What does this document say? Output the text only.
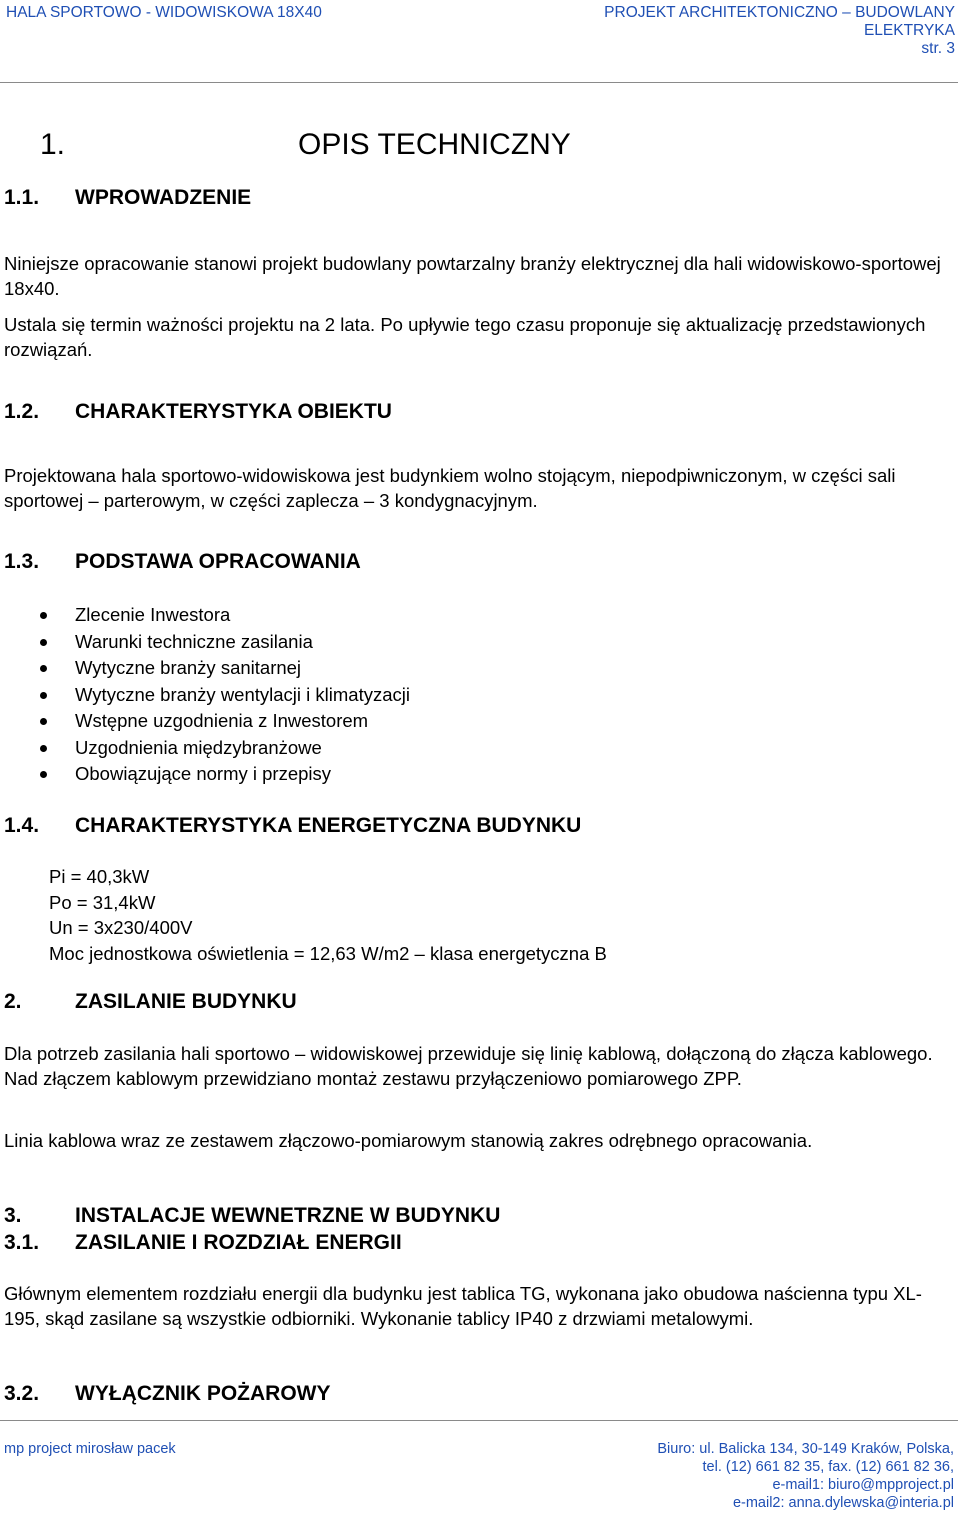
HALA SPORTOWO - WIDOWISKOWA 18X40	PROJEKT ARCHITEKTONICZNO – BUDOWLANY
ELEKTRYKA
str. 3
1.	OPIS TECHNICZNY
1.1. WPROWADZENIE
Niniejsze opracowanie stanowi projekt budowlany powtarzalny branży elektrycznej dla hali widowiskowo-sportowej 18x40.
Ustala się termin ważności projektu na 2 lata. Po upływie tego czasu proponuje się aktualizację przedstawionych rozwiązań.
1.2. CHARAKTERYSTYKA OBIEKTU
Projektowana hala sportowo-widowiskowa jest budynkiem wolno stojącym, niepodpiwniczonym, w części sali sportowej – parterowym, w części zaplecza – 3 kondygnacyjnym.
1.3. PODSTAWA OPRACOWANIA
Zlecenie Inwestora
Warunki techniczne zasilania
Wytyczne branży sanitarnej
Wytyczne branży wentylacji i klimatyzacji
Wstępne uzgodnienia z Inwestorem
Uzgodnienia międzybranżowe
Obowiązujące normy i przepisy
1.4. CHARAKTERYSTYKA ENERGETYCZNA BUDYNKU
Pi = 40,3kW
Po = 31,4kW
Un = 3x230/400V
Moc jednostkowa oświetlenia = 12,63 W/m2 – klasa energetyczna B
2.	ZASILANIE BUDYNKU
Dla potrzeb zasilania hali sportowo – widowiskowej przewiduje się linię kablową, dołączoną do złącza kablowego. Nad złączem kablowym przewidziano montaż zestawu przyłączeniowo pomiarowego ZPP.
Linia kablowa wraz ze zestawem złączowo-pomiarowym stanowią zakres odrębnego opracowania.
3.	INSTALACJE WEWNETRZNE W BUDYNKU
3.1. ZASILANIE I ROZDZIAŁ ENERGII
Głównym elementem rozdziału energii dla budynku jest tablica TG, wykonana jako obudowa naścienna typu XL-195, skąd zasilane są wszystkie odbiorniki. Wykonanie tablicy IP40 z drzwiami metalowymi.
3.2. WYŁĄCZNIK POŻAROWY
mp project mirosław pacek	Biuro: ul. Balicka 134, 30-149 Kraków, Polska,
tel. (12) 661 82 35, fax. (12) 661 82 36,
e-mail1: biuro@mpproject.pl
e-mail2: anna.dylewska@interia.pl
